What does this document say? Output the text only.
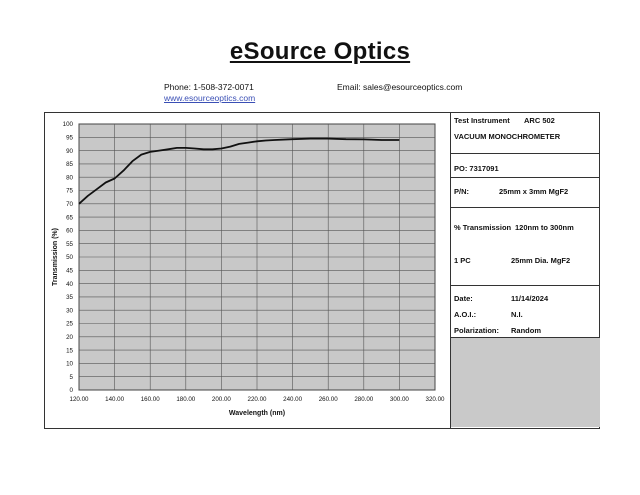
eSource Optics
Phone: 1-508-372-0071
www.esourceoptics.com
Email: sales@esourceoptics.com
0
5
10
15
20
25
30
35
40
45
50
55
60
65
70
75
80
85
90
95
100
120.00	140.00	160.00	180.00	200.00	220.00	240.00	260.00	280.00	300.00	320.00
Wavelength (nm)
Transmission (%)
Test Instrument ARC 502
VACUUM MONOCHROMETER
PO: 7317091
P/N:	25mm x 3mm MgF2
% Transmission 120nm to 300nm
1 PC	25mm Dia. MgF2
Date:	11/14/2024
A.O.I.:	N.I.
Polarization: Random
